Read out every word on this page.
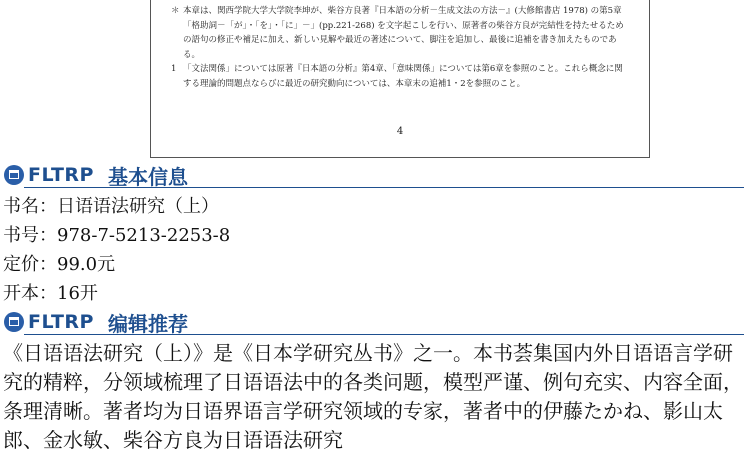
＊ 本章は、関西学院大学大学院李坤が、柴谷方良著『日本語の分析－生成文法の方法－』(大修館書店 1978) の第5章「格助詞－「が」・「を」・「に」－」(pp.221-268) を文字起こしを行い、原著者の柴谷方良が完結性を持たせるための語句の修正や補足に加え、新しい見解や最近の著述について、脚注を追加し、最後に追補を書き加えたものである。
1 「文法関係」については原著『日本語の分析』第4章、「意味関係」については第6章を参照のこと。これら概念に関する理論的問題点ならびに最近の研究動向については、本章末の追補1・2を参照のこと。
4
FLTRP 基本信息
书名：日语语法研究（上）
书号：978-7-5213-2253-8
定价：99.0元
开本：16开
FLTRP 编辑推荐

《日语语法研究（上）》是《日本学研究丛书》之一。本书荟集国内外日语语言学研究的精粹，分领域梳理了日语语法中的各类问题，模型严谨、例句充实、内容全面，条理清晰。著者均为日语界语言学研究领域的专家，著者中的伊藤たかね、影山太郎、金水敏、柴谷方良为日语语法研究
